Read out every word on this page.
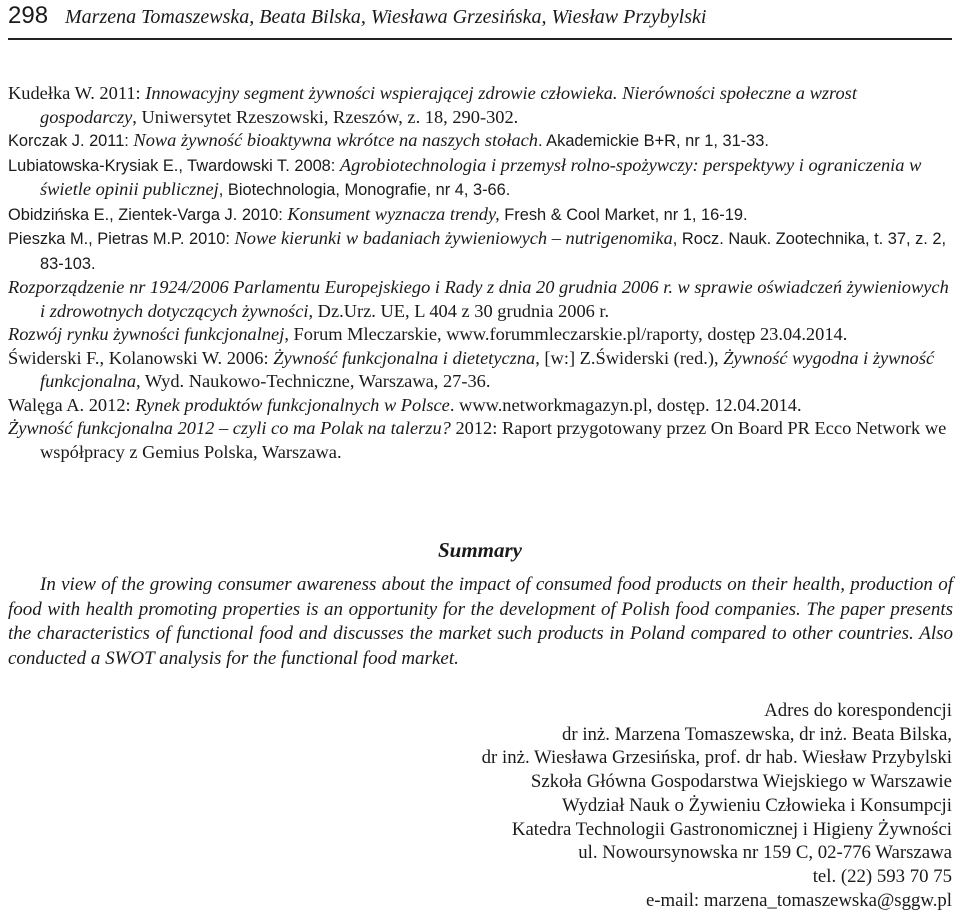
298 Marzena Tomaszewska, Beata Bilska, Wiesława Grzesińska, Wiesław Przybylski

Kudełka W. 2011: Innowacyjny segment żywności wspierającej zdrowie człowieka. Nierówności społeczne a wzrost gospodarczy, Uniwersytet Rzeszowski, Rzeszów, z. 18, 290-302.

Korczak J. 2011: Nowa żywność bioaktywna wkrótce na naszych stołach. Akademickie B+R, nr 1, 31-33.

Lubiatowska-Krysiak E., Twardowski T. 2008: Agrobiotechnologia i przemysł rolno-spożywczy: perspektywy i ograniczenia w świetle opinii publicznej, Biotechnologia, Monografie, nr 4, 3-66.

Obidzińska E., Zientek-Varga J. 2010: Konsument wyznacza trendy, Fresh & Cool Market, nr 1, 16-19.

Pieszka M., Pietras M.P. 2010: Nowe kierunki w badaniach żywieniowych – nutrigenomika, Rocz. Nauk. Zootechnika, t. 37, z. 2, 83-103.

Rozporządzenie nr 1924/2006 Parlamentu Europejskiego i Rady z dnia 20 grudnia 2006 r. w sprawie oświadczeń żywieniowych i zdrowotnych dotyczących żywności, Dz.Urz. UE, L 404 z 30 grudnia 2006 r.

Rozwój rynku żywności funkcjonalnej, Forum Mleczarskie, www.forummleczarskie.pl/raporty, dostęp 23.04.2014.

Świderski F., Kolanowski W. 2006: Żywność funkcjonalna i dietetyczna, [w:] Z.Świderski (red.), Żywność wygodna i żywność funkcjonalna, Wyd. Naukowo-Techniczne, Warszawa, 27-36.

Walęga A. 2012: Rynek produktów funkcjonalnych w Polsce. www.networkmagazyn.pl, dostęp. 12.04.2014.

Żywność funkcjonalna 2012 – czyli co ma Polak na talerzu? 2012: Raport przygotowany przez On Board PR Ecco Network we współpracy z Gemius Polska, Warszawa.

Summary
In view of the growing consumer awareness about the impact of consumed food products on their health, production of food with health promoting properties is an opportunity for the development of Polish food companies. The paper presents the characteristics of functional food and discusses the market such products in Poland compared to other countries. Also conducted a SWOT analysis for the functional food market.
Adres do korespondencji
dr inż. Marzena Tomaszewska, dr inż. Beata Bilska,
dr inż. Wiesława Grzesińska, prof. dr hab. Wiesław Przybylski
Szkoła Główna Gospodarstwa Wiejskiego w Warszawie
Wydział Nauk o Żywieniu Człowieka i Konsumpcji
Katedra Technologii Gastronomicznej i Higieny Żywności
ul. Nowoursynowska nr 159 C, 02-776 Warszawa
tel. (22) 593 70 75
e-mail: marzena_tomaszewska@sggw.pl
